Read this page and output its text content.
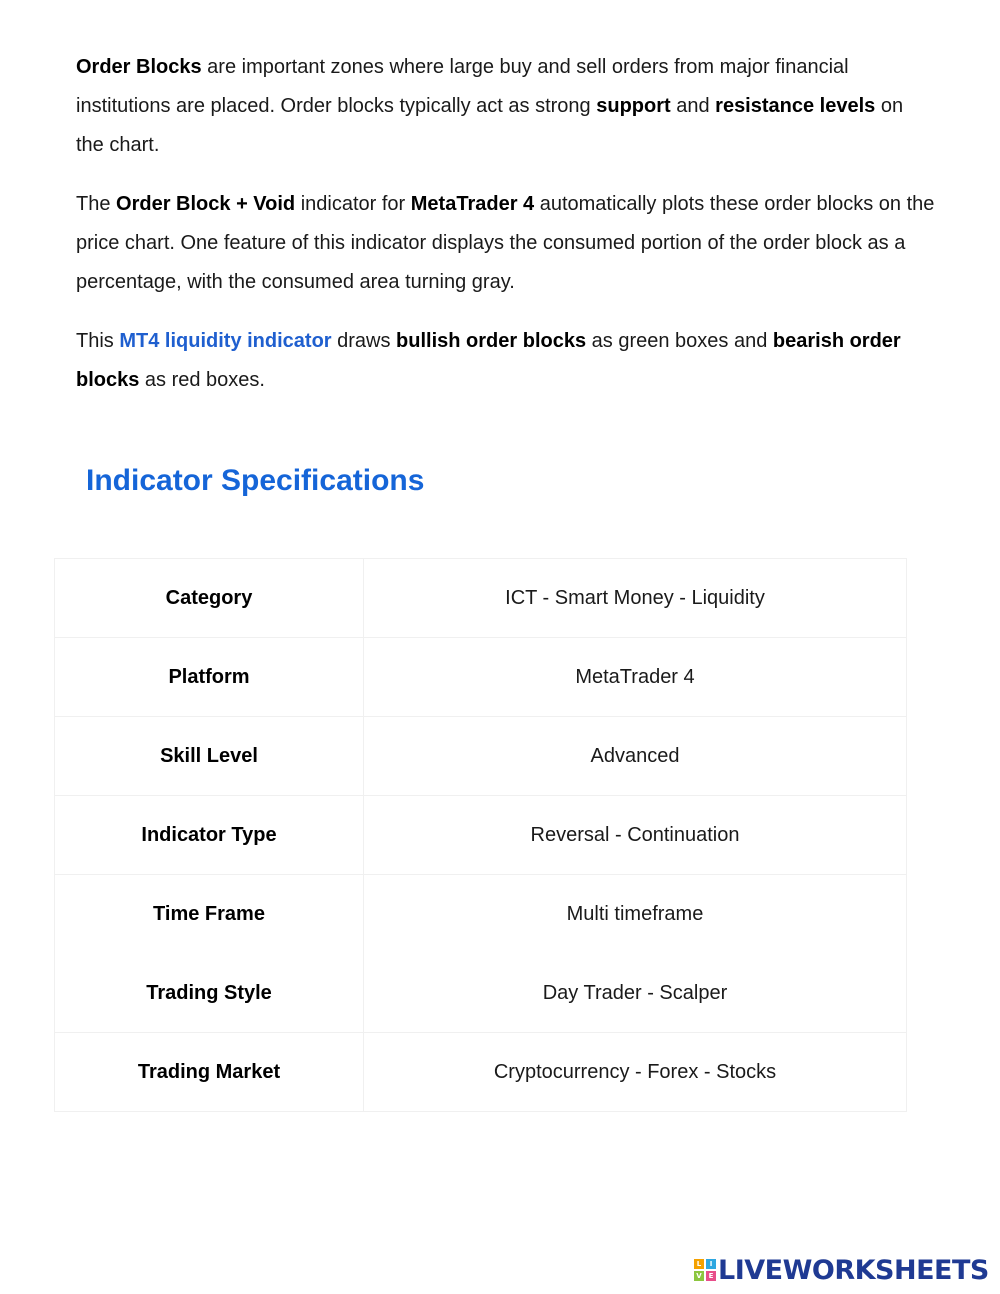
Order Blocks are important zones where large buy and sell orders from major financial institutions are placed. Order blocks typically act as strong support and resistance levels on the chart.

The Order Block + Void indicator for MetaTrader 4 automatically plots these order blocks on the price chart. One feature of this indicator displays the consumed portion of the order block as a percentage, with the consumed area turning gray.

This MT4 liquidity indicator draws bullish order blocks as green boxes and bearish order blocks as red boxes.

Indicator Specifications
Category	ICT - Smart Money - Liquidity
Platform	MetaTrader 4
Skill Level	Advanced
Indicator Type	Reversal - Continuation
Time Frame	Multi timeframe
Trading Style	Day Trader - Scalper
Trading Market	Cryptocurrency - Forex - Stocks
L	I
V E LIVEWORKSHEETS
